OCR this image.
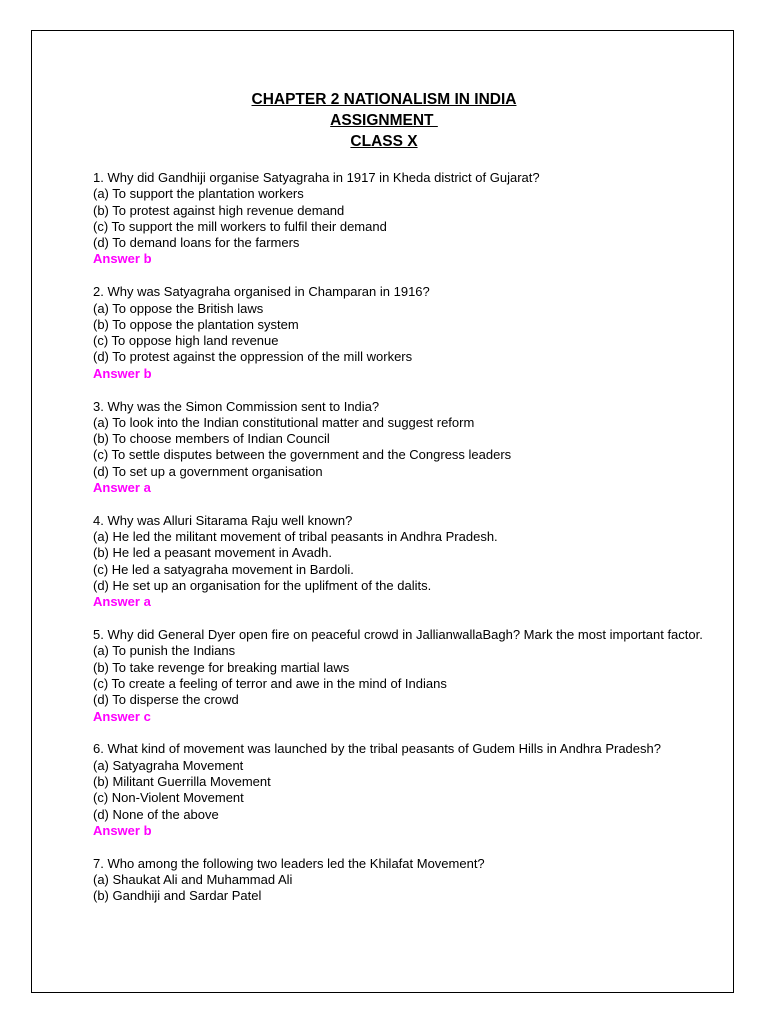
CHAPTER 2 NATIONALISM IN INDIA
ASSIGNMENT
CLASS X
1. Why did Gandhiji organise Satyagraha in 1917 in Kheda district of Gujarat?
(a) To support the plantation workers
(b) To protest against high revenue demand
(c) To support the mill workers to fulfil their demand
(d) To demand loans for the farmers
Answer b
2. Why was Satyagraha organised in Champaran in 1916?
(a) To oppose the British laws
(b) To oppose the plantation system
(c) To oppose high land revenue
(d) To protest against the oppression of the mill workers
Answer b
3. Why was the Simon Commission sent to India?
(a) To look into the Indian constitutional matter and suggest reform
(b) To choose members of Indian Council
(c) To settle disputes between the government and the Congress leaders
(d) To set up a government organisation
Answer a
4. Why was Alluri Sitarama Raju well known?
(a) He led the militant movement of tribal peasants in Andhra Pradesh.
(b) He led a peasant movement in Avadh.
(c) He led a satyagraha movement in Bardoli.
(d) He set up an organisation for the uplifment of the dalits.
Answer a
5. Why did General Dyer open fire on peaceful crowd in JallianwallaBagh? Mark the most important factor.
(a) To punish the Indians
(b) To take revenge for breaking martial laws
(c) To create a feeling of terror and awe in the mind of Indians
(d) To disperse the crowd
Answer c
6. What kind of movement was launched by the tribal peasants of Gudem Hills in Andhra Pradesh?
(a) Satyagraha Movement
(b) Militant Guerrilla Movement
(c) Non-Violent Movement
(d) None of the above
Answer b
7. Who among the following two leaders led the Khilafat Movement?
(a) Shaukat Ali and Muhammad Ali
(b) Gandhiji and Sardar Patel
